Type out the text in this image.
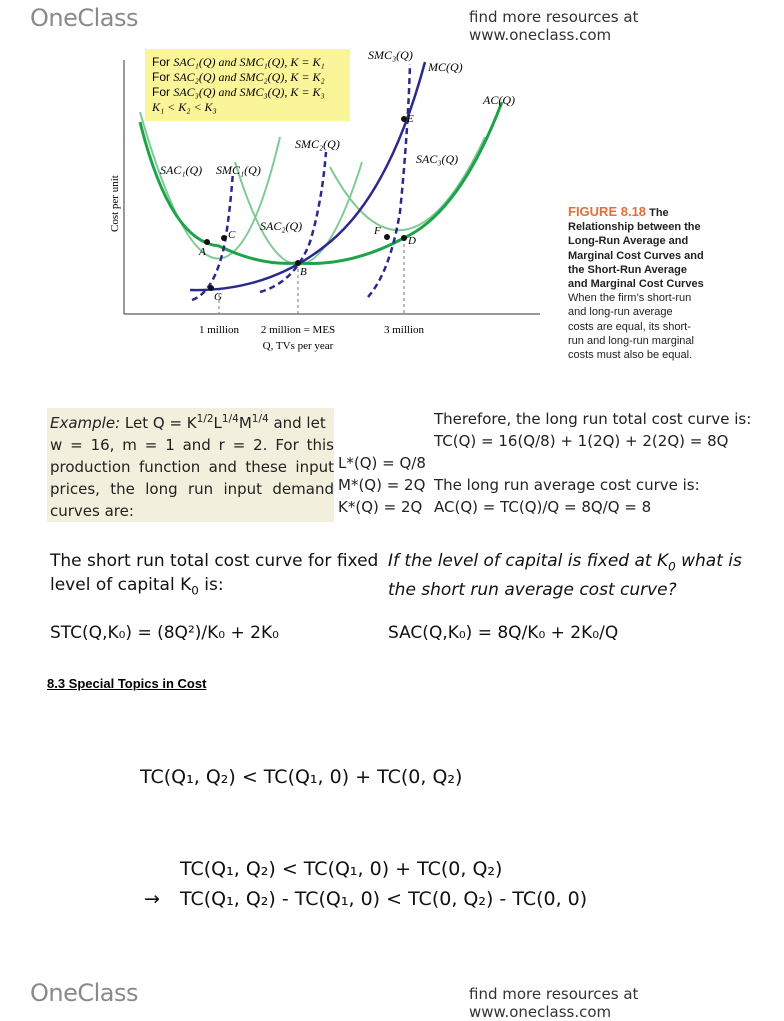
OneClass	find more resources at www.oneclass.com
For SAC₁(Q) and SMC₁(Q), K = K₁
For SAC₂(Q) and SMC₂(Q), K = K₂
For SAC₃(Q) and SMC₃(Q), K = K₃
K₁ < K₂ < K₃
Cost per unit
A
B
C	D
E
F
G
SMC₃(Q)
MC(Q)
AC(Q)
SMC₂(Q)
SAC₁(Q) SMC₁(Q)
SAC₃(Q)
SAC₂(Q)
1 million 2 million = MES	3 million
Q, TVs per year
FIGURE 8.18 The
Relationship between the
Long-Run Average and
Marginal Cost Curves and
the Short-Run Average
and Marginal Cost Curves
When the firm’s short-run
and long-run average
costs are equal, its short-
run and long-run marginal
costs must also be equal.
Example: Let $Q = K^{1/2}L^{1/4}M^{1/4}$ and let
w = 16, m = 1 and r = 2. For this
production function and these input
prices, the long run input demand
curves are:
L*(Q) = Q/8
M*(Q) = 2Q
K*(Q) = 2Q
Therefore, the long run total cost curve is:
TC(Q) = 16(Q/8) + 1(2Q) + 2(2Q) = 8Q
The long run average cost curve is:
AC(Q) = TC(Q)/Q = 8Q/Q = 8
The short run total cost curve for fixed
level of capital $K_0$ is:
If the level of capital is fixed at $K_0$ what is
the short run average cost curve?
STC(Q,K₀) = (8Q²)/K₀ + 2K₀	SAC(Q,K₀) = 8Q/K₀ + 2K₀/Q
8.3 Special Topics in Cost
TC(Q₁, Q₂) < TC(Q₁, 0) + TC(0, Q₂)
TC(Q₁, Q₂) < TC(Q₁, 0) + TC(0, Q₂)
→ TC(Q₁, Q₂) - TC(Q₁, 0) < TC(0, Q₂) - TC(0, 0)
OneClass	find more resources at www.oneclass.com
